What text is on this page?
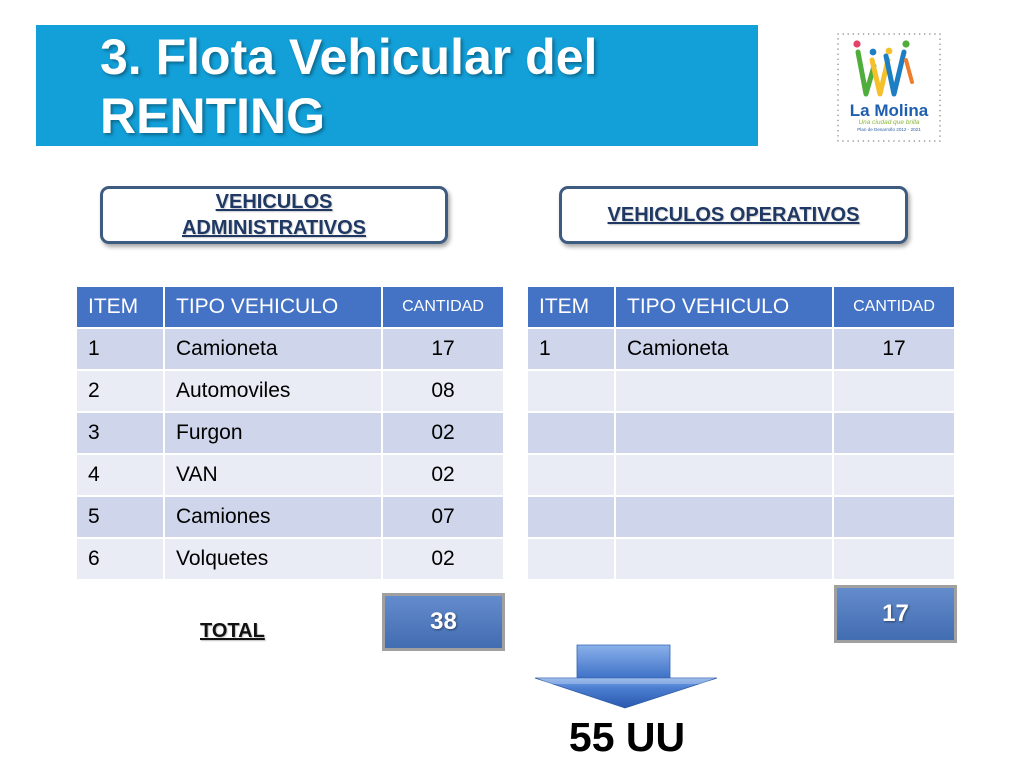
3. Flota Vehicular del RENTING	La Molina
Una ciudad que brilla
Plan de Desarrollo 2012 - 2021
VEHICULOS ADMINISTRATIVOS
VEHICULOS OPERATIVOS
ITEM	TIPO VEHICULO	CANTIDAD
1	Camioneta	17
2	Automoviles	08
3	Furgon	02
4	VAN	02
5	Camiones	07
6	Volquetes	02
ITEM	TIPO VEHICULO	CANTIDAD
1	Camioneta	17
TOTAL	38	17
55 UU
